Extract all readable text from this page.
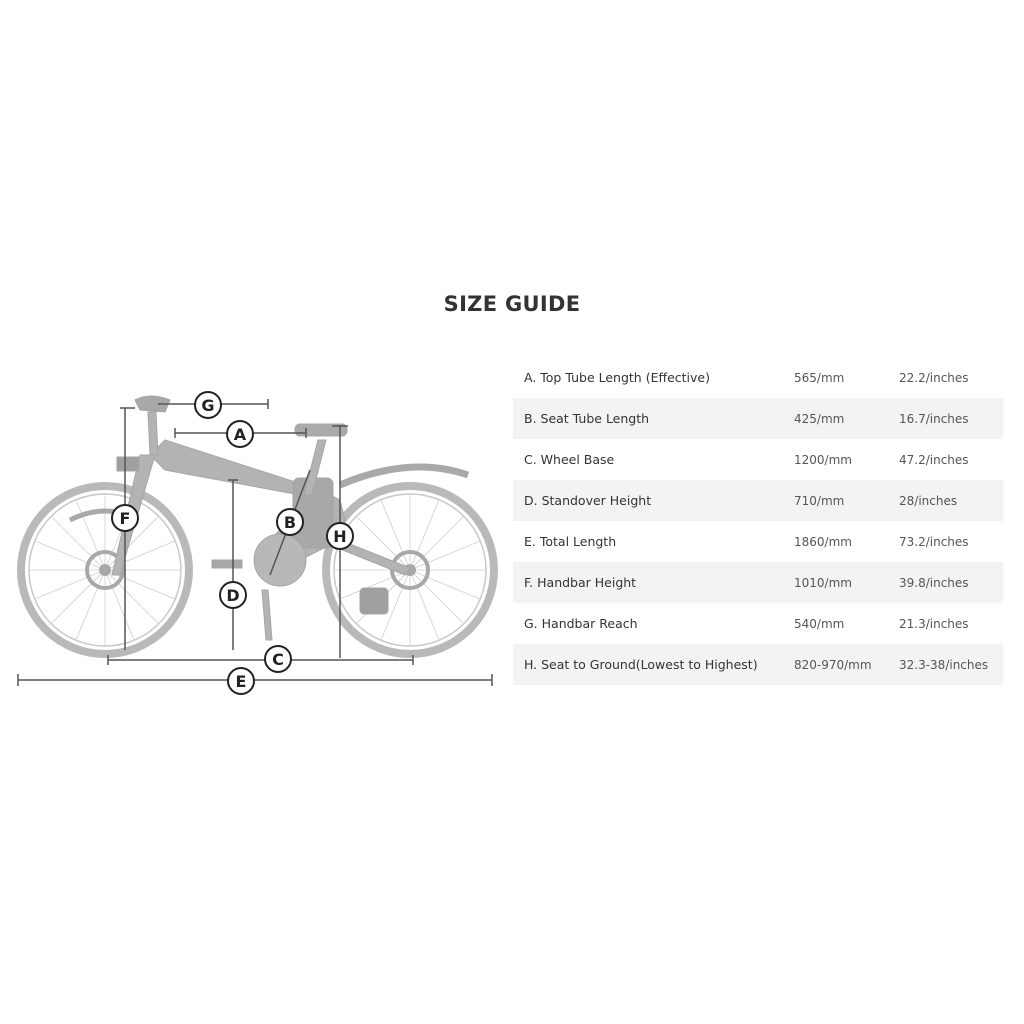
SIZE GUIDE
G
A
F	B
H
D
C
E
A. Top Tube Length (Effective)	565/mm	22.2/inches
B. Seat Tube Length	425/mm	16.7/inches
C. Wheel Base	1200/mm	47.2/inches
D. Standover Height	710/mm	28/inches
E. Total Length	1860/mm	73.2/inches
F. Handbar Height	1010/mm	39.8/inches
G. Handbar Reach	540/mm	21.3/inches
H. Seat to Ground(Lowest to Highest)	820-970/mm	32.3-38/inches
